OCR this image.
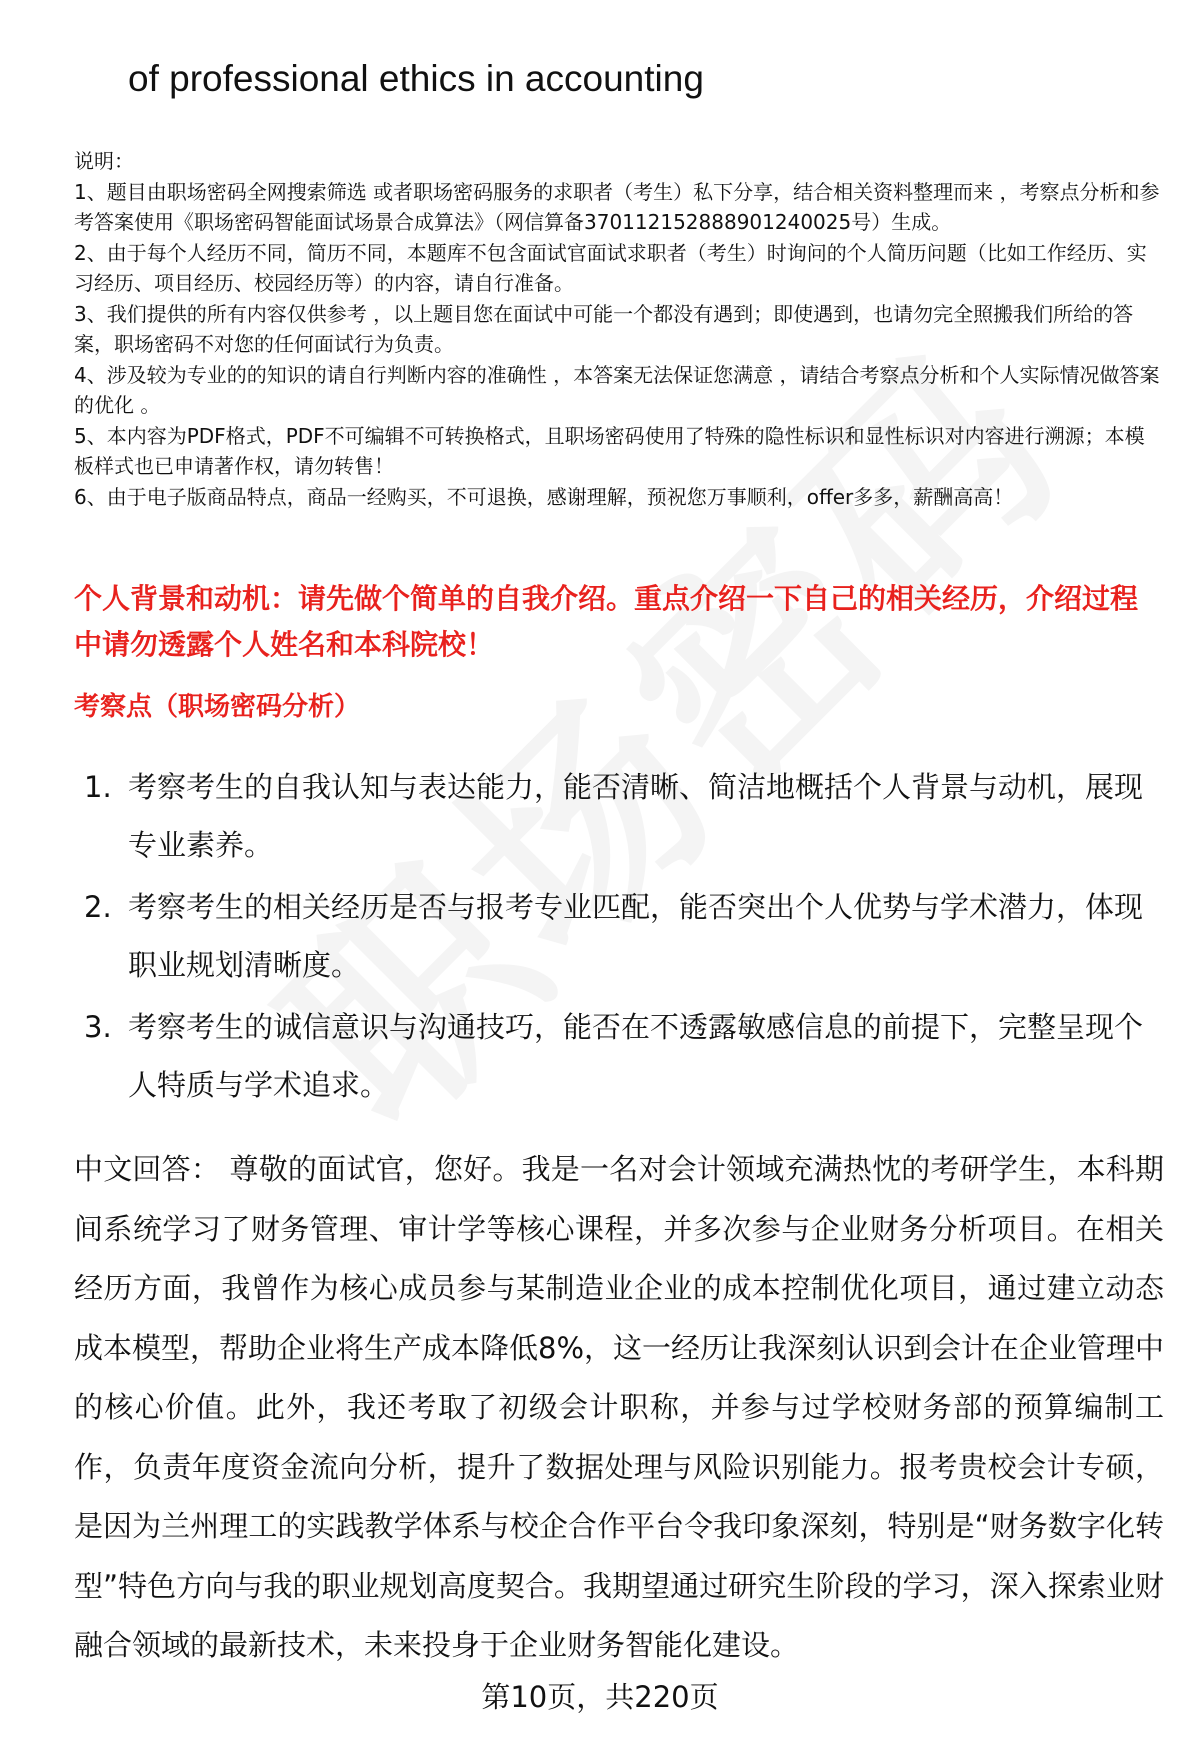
of professional ethics in accounting
说明：
1、题目由职场密码全网搜索筛选 或者职场密码服务的求职者（考生）私下分享，结合相关资料整理而来 ，考察点分析和参考答案使用《职场密码智能面试场景合成算法》（网信算备370112152888901240025号）生成。
2、由于每个人经历不同，简历不同，本题库不包含面试官面试求职者（考生）时询问的个人简历问题（比如工作经历、实习经历、项目经历、校园经历等）的内容，请自行准备。
3、我们提供的所有内容仅供参考 ，以上题目您在面试中可能一个都没有遇到；即使遇到，也请勿完全照搬我们所给的答案，职场密码不对您的任何面试行为负责。
4、涉及较为专业的的知识的请自行判断内容的准确性 ，本答案无法保证您满意 ，请结合考察点分析和个人实际情况做答案的优化 。
5、本内容为PDF格式，PDF不可编辑不可转换格式，且职场密码使用了特殊的隐性标识和显性标识对内容进行溯源；本模板样式也已申请著作权，请勿转售！
6、由于电子版商品特点，商品一经购买，不可退换，感谢理解，预祝您万事顺利，offer多多，薪酬高高！
个人背景和动机：请先做个简单的自我介绍。重点介绍一下自己的相关经历，介绍过程中请勿透露个人姓名和本科院校！
考察点（职场密码分析）
1. 考察考生的自我认知与表达能力，能否清晰、简洁地概括个人背景与动机，展现专业素养。
2. 考察考生的相关经历是否与报考专业匹配，能否突出个人优势与学术潜力，体现职业规划清晰度。
3. 考察考生的诚信意识与沟通技巧，能否在不透露敏感信息的前提下，完整呈现个人特质与学术追求。
中文回答： 尊敬的面试官，您好。我是一名对会计领域充满热忱的考研学生，本科期间系统学习了财务管理、审计学等核心课程，并多次参与企业财务分析项目。在相关经历方面，我曾作为核心成员参与某制造业企业的成本控制优化项目，通过建立动态成本模型，帮助企业将生产成本降低8%，这一经历让我深刻认识到会计在企业管理中的核心价值。此外，我还考取了初级会计职称，并参与过学校财务部的预算编制工作，负责年度资金流向分析，提升了数据处理与风险识别能力。报考贵校会计专硕，是因为兰州理工的实践教学体系与校企合作平台令我印象深刻，特别是“财务数字化转型”特色方向与我的职业规划高度契合。我期望通过研究生阶段的学习，深入探索业财融合领域的最新技术，未来投身于企业财务智能化建设。
第10页，共220页
